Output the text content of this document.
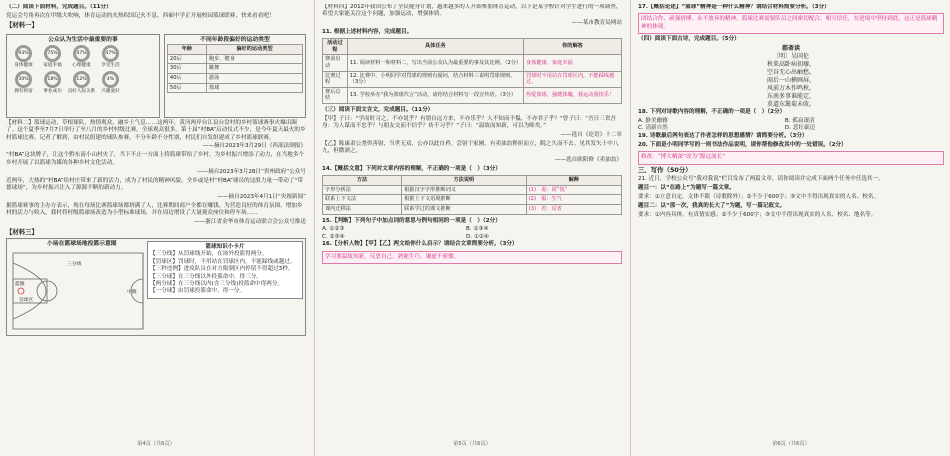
（二）阅读下面材料，完成题目。（11分）

党运会号角再次在甲级大吹响，体育运动的火热似国记火不息。西硕中学正开展校园篮球联赛，快来看看吧！

【材料一】

公众认为生活中最重要的事
93%	75%	47%	47%
身体健康 家庭幸福 心理健康 享受生活
30%	18%	12%	4%
拥有财富 事业成功 良好人际关系 兴趣爱好
不同年龄段偏好的运动类型
年龄	偏好的运动类型
20后	跑步、健身
30后	跳舞
40后	游泳
50后	篮球

【材料二】篮球运动，草根球队，热情观众，融乡土气息……这两年，黄河两岸台江县台盘村的乡村篮球赛事火爆出圈了。这个夏季至7月7日举行了至八月的乡村村级比赛，全球观众很多。第十届“村BA”启动仪式不少，是今年夏天最火的乡村篮球比赛。记者了解到，由村民组建的球队参赛，不分年龄不分性别，村民们自发组建成了乡村篮球联赛。

——摘自2023年3月29日《西部法制报》

“村BA”这块牌子，让这个黔东南小山村火了，当下不止一方面上将篮球带给了乡村，为乡村振兴增添了动力，在当地多个乡村开展了以篮球为媒的各种乡村文化活动。

——摘自2023年3月28日“贵州政府”公众号

近两年，大热的“村BA”给村庄带来了新的活力，成为了村民的精神风貌。全乡或是村“村BA”球员的这股力量一带动了“带德球场”，为乡村振兴注入了源源不断的新动力。

——摘自2023年4月1日“央视新闻”

据篮球赛事的主办方表示，现在每场比赛篮球场都挤满了人，比赛期间商户全都在赚钱。为营造良好的体育氛围，增加乡村的活力与收入，我村将村级篮球场改造为小型标准球场，并在周边增设了大量观众座位和停车场……

——浙江省金华市体育运动联合会公众号推送

【材料三】

小场在篮球场地投篮示意图
三分线
罚球区
篮圈
中圈
篮球知识小卡片
【三分线】从罚球线开始，在场外投篮得两分。
【罚球区】罚球时，不用站在罚球区内，不能踩线或越过。
【三秒违例】进攻队员在对方限制区内停留不得超过3秒。
【三分球】在三分线以外投篮命中，得三分。
【两分球】在三分线以内(含三分线)投篮命中得两分。
【一分球】由罚球投篮命中，得一分。
第4页（共6页）

【材料四】2012年我国公布了全民健身计划，越来越多的人开始参加体育运动。以下是某学校针对学生进行的一项调查，希望大家能关注这个问题，加强运动，增强体质。

——某市教育局网站

11. 根据上述材料内容，完成题目。

活动过程	具体任务	你的解答
赛前启动	11. 阅读材料一和材料二，写出当前公众认为最重要的事及其比例。（2分）	身体健康、家庭幸福
比赛过程	12. 比赛中，小明同学对罚球的规则有疑问，结合材料三说明罚球规则。（3分）	罚球时不用站在罚球区内，不能踩线越过。
赛后总结	13. 学校举办“我为篮球代言”活动，请你结合材料写一段宣传语。（3分）	热爱篮球，强健体魄，我运动我快乐！

（三）阅读下面文言文，完成题目。（11分）

【甲】子曰：“学而时习之，不亦说乎？有朋自远方来，不亦乐乎？人不知而不愠，不亦君子乎？”曾子曰：“吾日三省吾身：为人谋而不忠乎？与朋友交而不信乎？传不习乎？”子曰：“温故而知新，可以为师矣。”

——选自《论语》十二章

【乙】陈康肃公尧咨善射，当世无双，公亦以此自矜。尝射于家圃，有卖油翁释担而立，睨之久而不去。见其发矢十中八九，但微颔之。

——选自欧阳修《卖油翁》

14.【概括文意】下列对文章内容的理解，不正确的一项是（　）（3分）

方法	方法说明	解释
字形分析法	根据汉字字形推断词义	(1)　说：同“悦”
联系上下文法	根据上下文语境推断	(2)　愠：生气
课内迁移法	联系学过的课文推断	(3)　省：反省

15.【判断】下列句子中加点词的意思与例句相同的一项是（　）（2分）

A. ①②③	B. ①③④C. ②③④	D. ①②④

16.【分析人物】【甲】【乙】两文给你什么启示？请结合文章简要分析。（3分）

学习要温故知新，反思自己，熟能生巧，谦虚不骄傲。
第5页（共6页）

17.【概括论述】“篮球”精神是一种什么精神？请结合材料简要分析。（3分）

团结合作、顽强拼搏、永不放弃的精神。篮球比赛需要队员之间密切配合，相互信任，在逆境中坚持到底，这正是篮球精神的体现。

（四）阅读下面古诗，完成题目。（5分）

郡斋读
〔明〕吴国伦
秋来高卧病初瘳，
空谷无心出岫愁。
雨后一山横画屏，
风前万木作鸣秋。
东南多事谁能定，
莫道东篱菊未收。

18. 下列对诗歌内容的理解，不正确的一项是（　）（2分）

A. 静美幽雅	B. 孤寂凄清C. 清新自然	D. 悲壮豪迈

19. 诗歌最后两句表达了作者怎样的思想感情？请简要分析。（3分）

20. 下面是小明同学写的一则书法作品说明，请你帮他修改其中的一处错误。（2分）

修改：“博大精深”改为“源远流长”

三、写作（50分）

21. 近日，学校公众号“我对我说”栏目发布了两篇文章，请你阅读并完成下面两个任务中任选其一。

题目一：以“在路上”为题写一篇文章。

要求：①立意自定，文体不限（诗歌除外）；②不少于600字；③文中不得出现真实的人名、校名。

题目二：以“那一次，我真的长大了”为题，写一篇记叙文。

要求：①内容具体，有真情实感；②不少于600字；③文中不得出现真实的人名、校名、地名等。

第6页（共6页）
